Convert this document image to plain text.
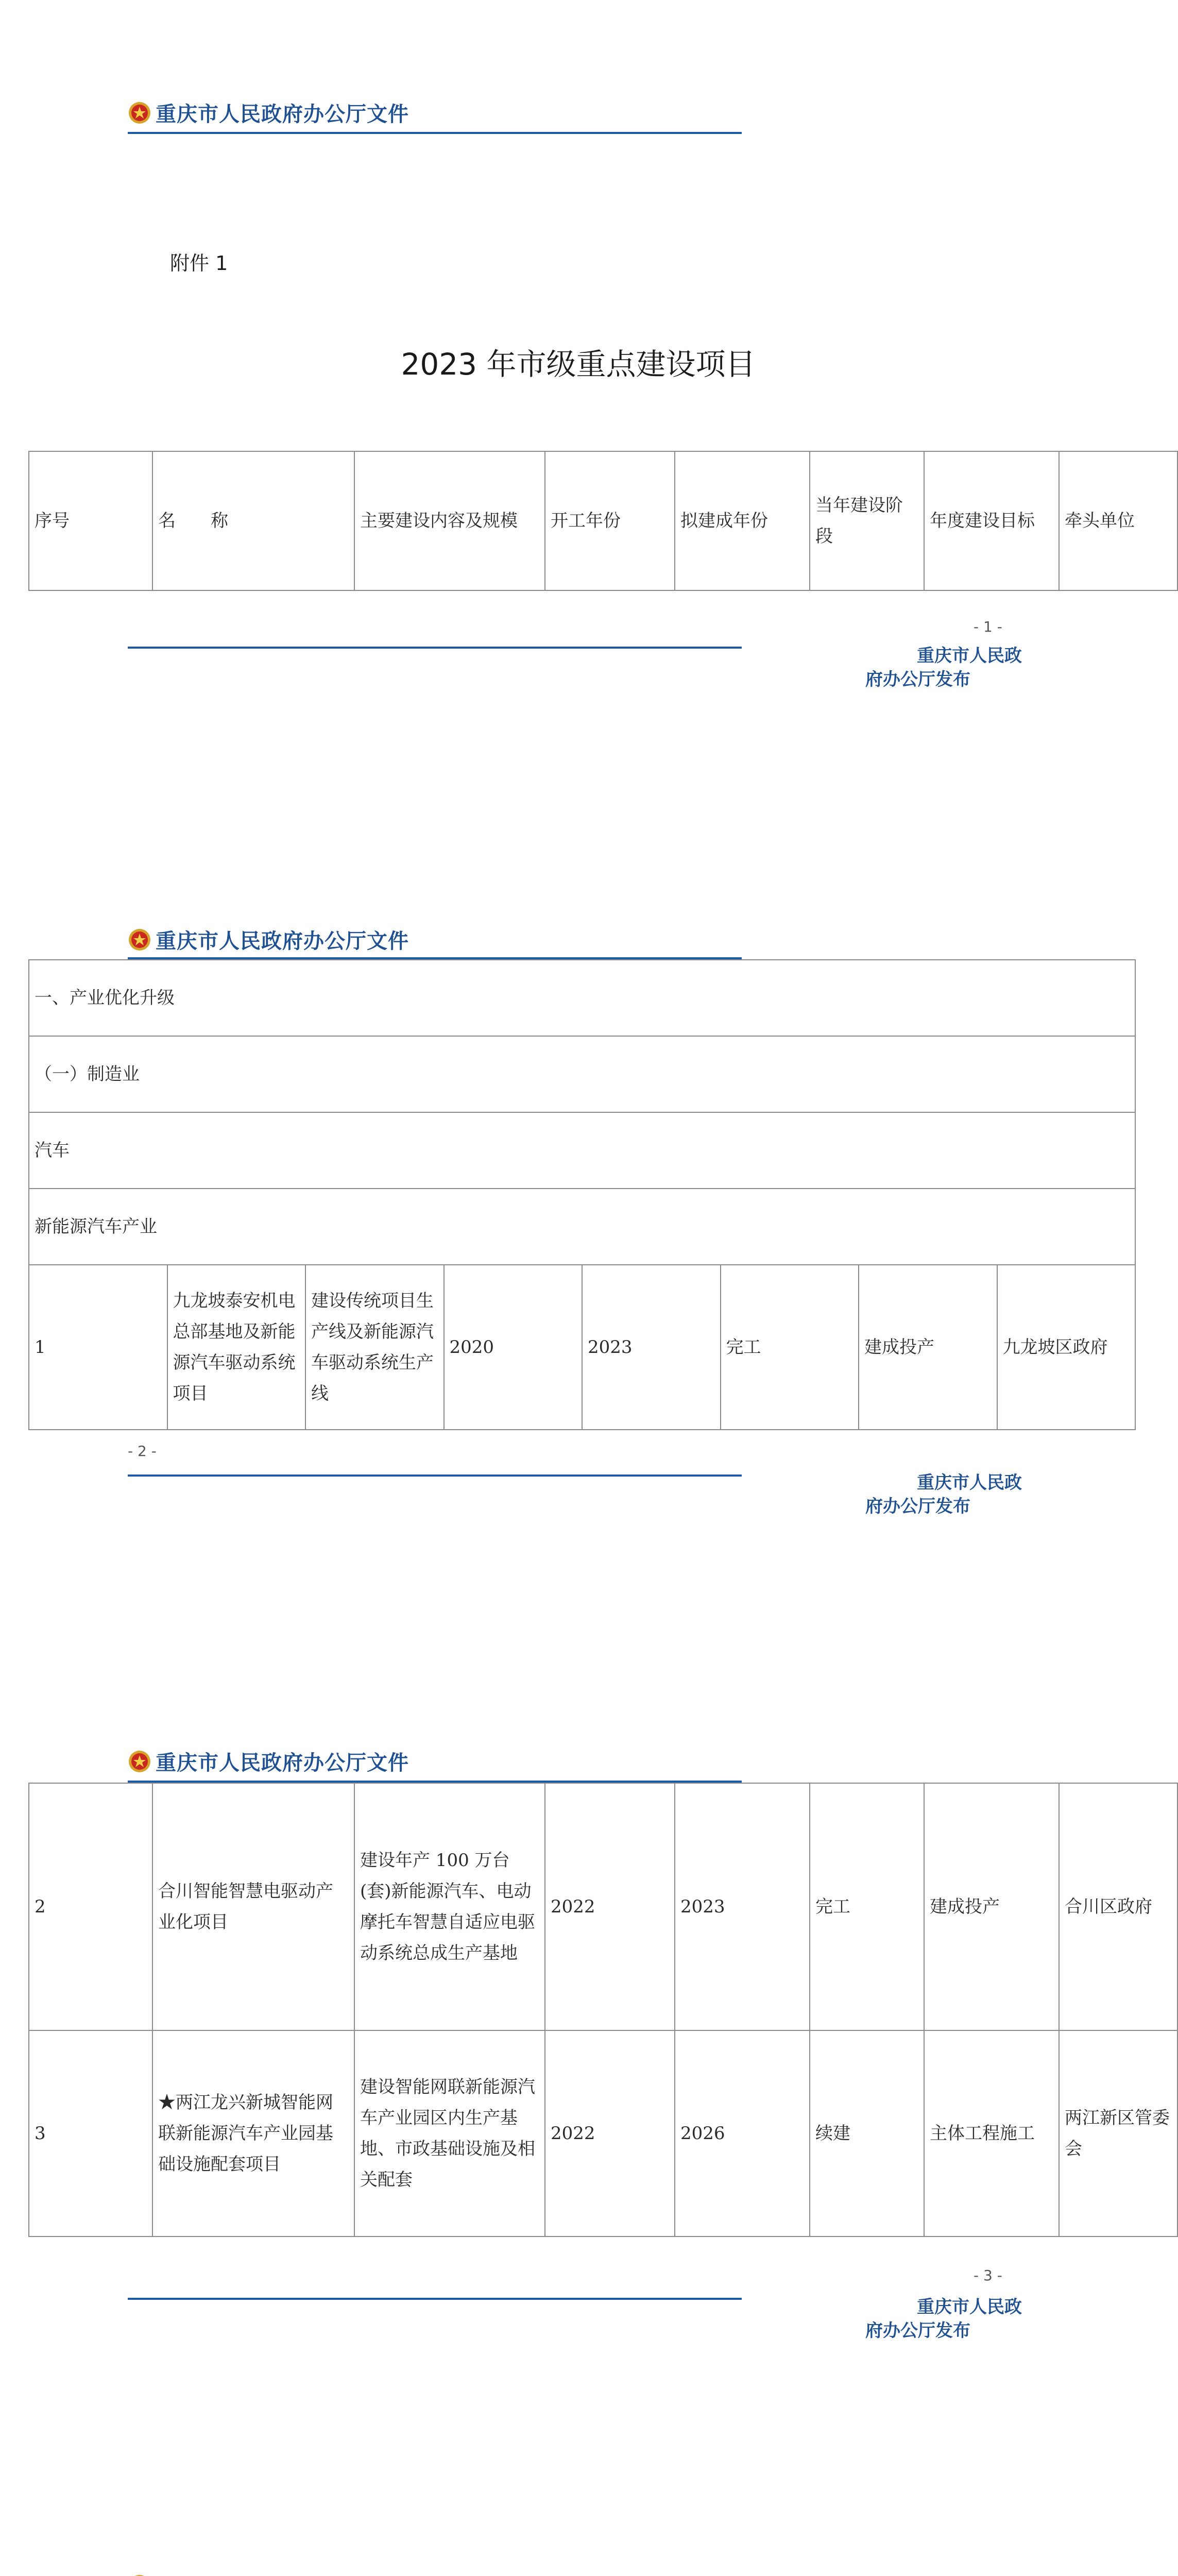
重庆市人民政府办公厅文件
附件 1
2023 年市级重点建设项目
序号	名　　称	主要建设内容及规模	开工年份	拟建成年份	当年建设阶段	年度建设目标	牵头单位
- 1 -
重庆市人民政
府办公厅发布
重庆市人民政府办公厅文件
一、产业优化升级
（一）制造业
汽车
新能源汽车产业
1	九龙坡泰安机电总部基地及新能源汽车驱动系统项目	建设传统项目生产线及新能源汽车驱动系统生产线	2020	2023	完工	建成投产	九龙坡区政府
- 2 -
重庆市人民政
府办公厅发布
重庆市人民政府办公厅文件
2	合川智能智慧电驱动产业化项目	建设年产 100 万台(套)新能源汽车、电动摩托车智慧自适应电驱动系统总成生产基地	2022	2023	完工	建成投产	合川区政府
3	★两江龙兴新城智能网联新能源汽车产业园基础设施配套项目	建设智能网联新能源汽车产业园区内生产基地、市政基础设施及相关配套	2022	2026	续建	主体工程施工	两江新区管委会
- 3 -
重庆市人民政
府办公厅发布
